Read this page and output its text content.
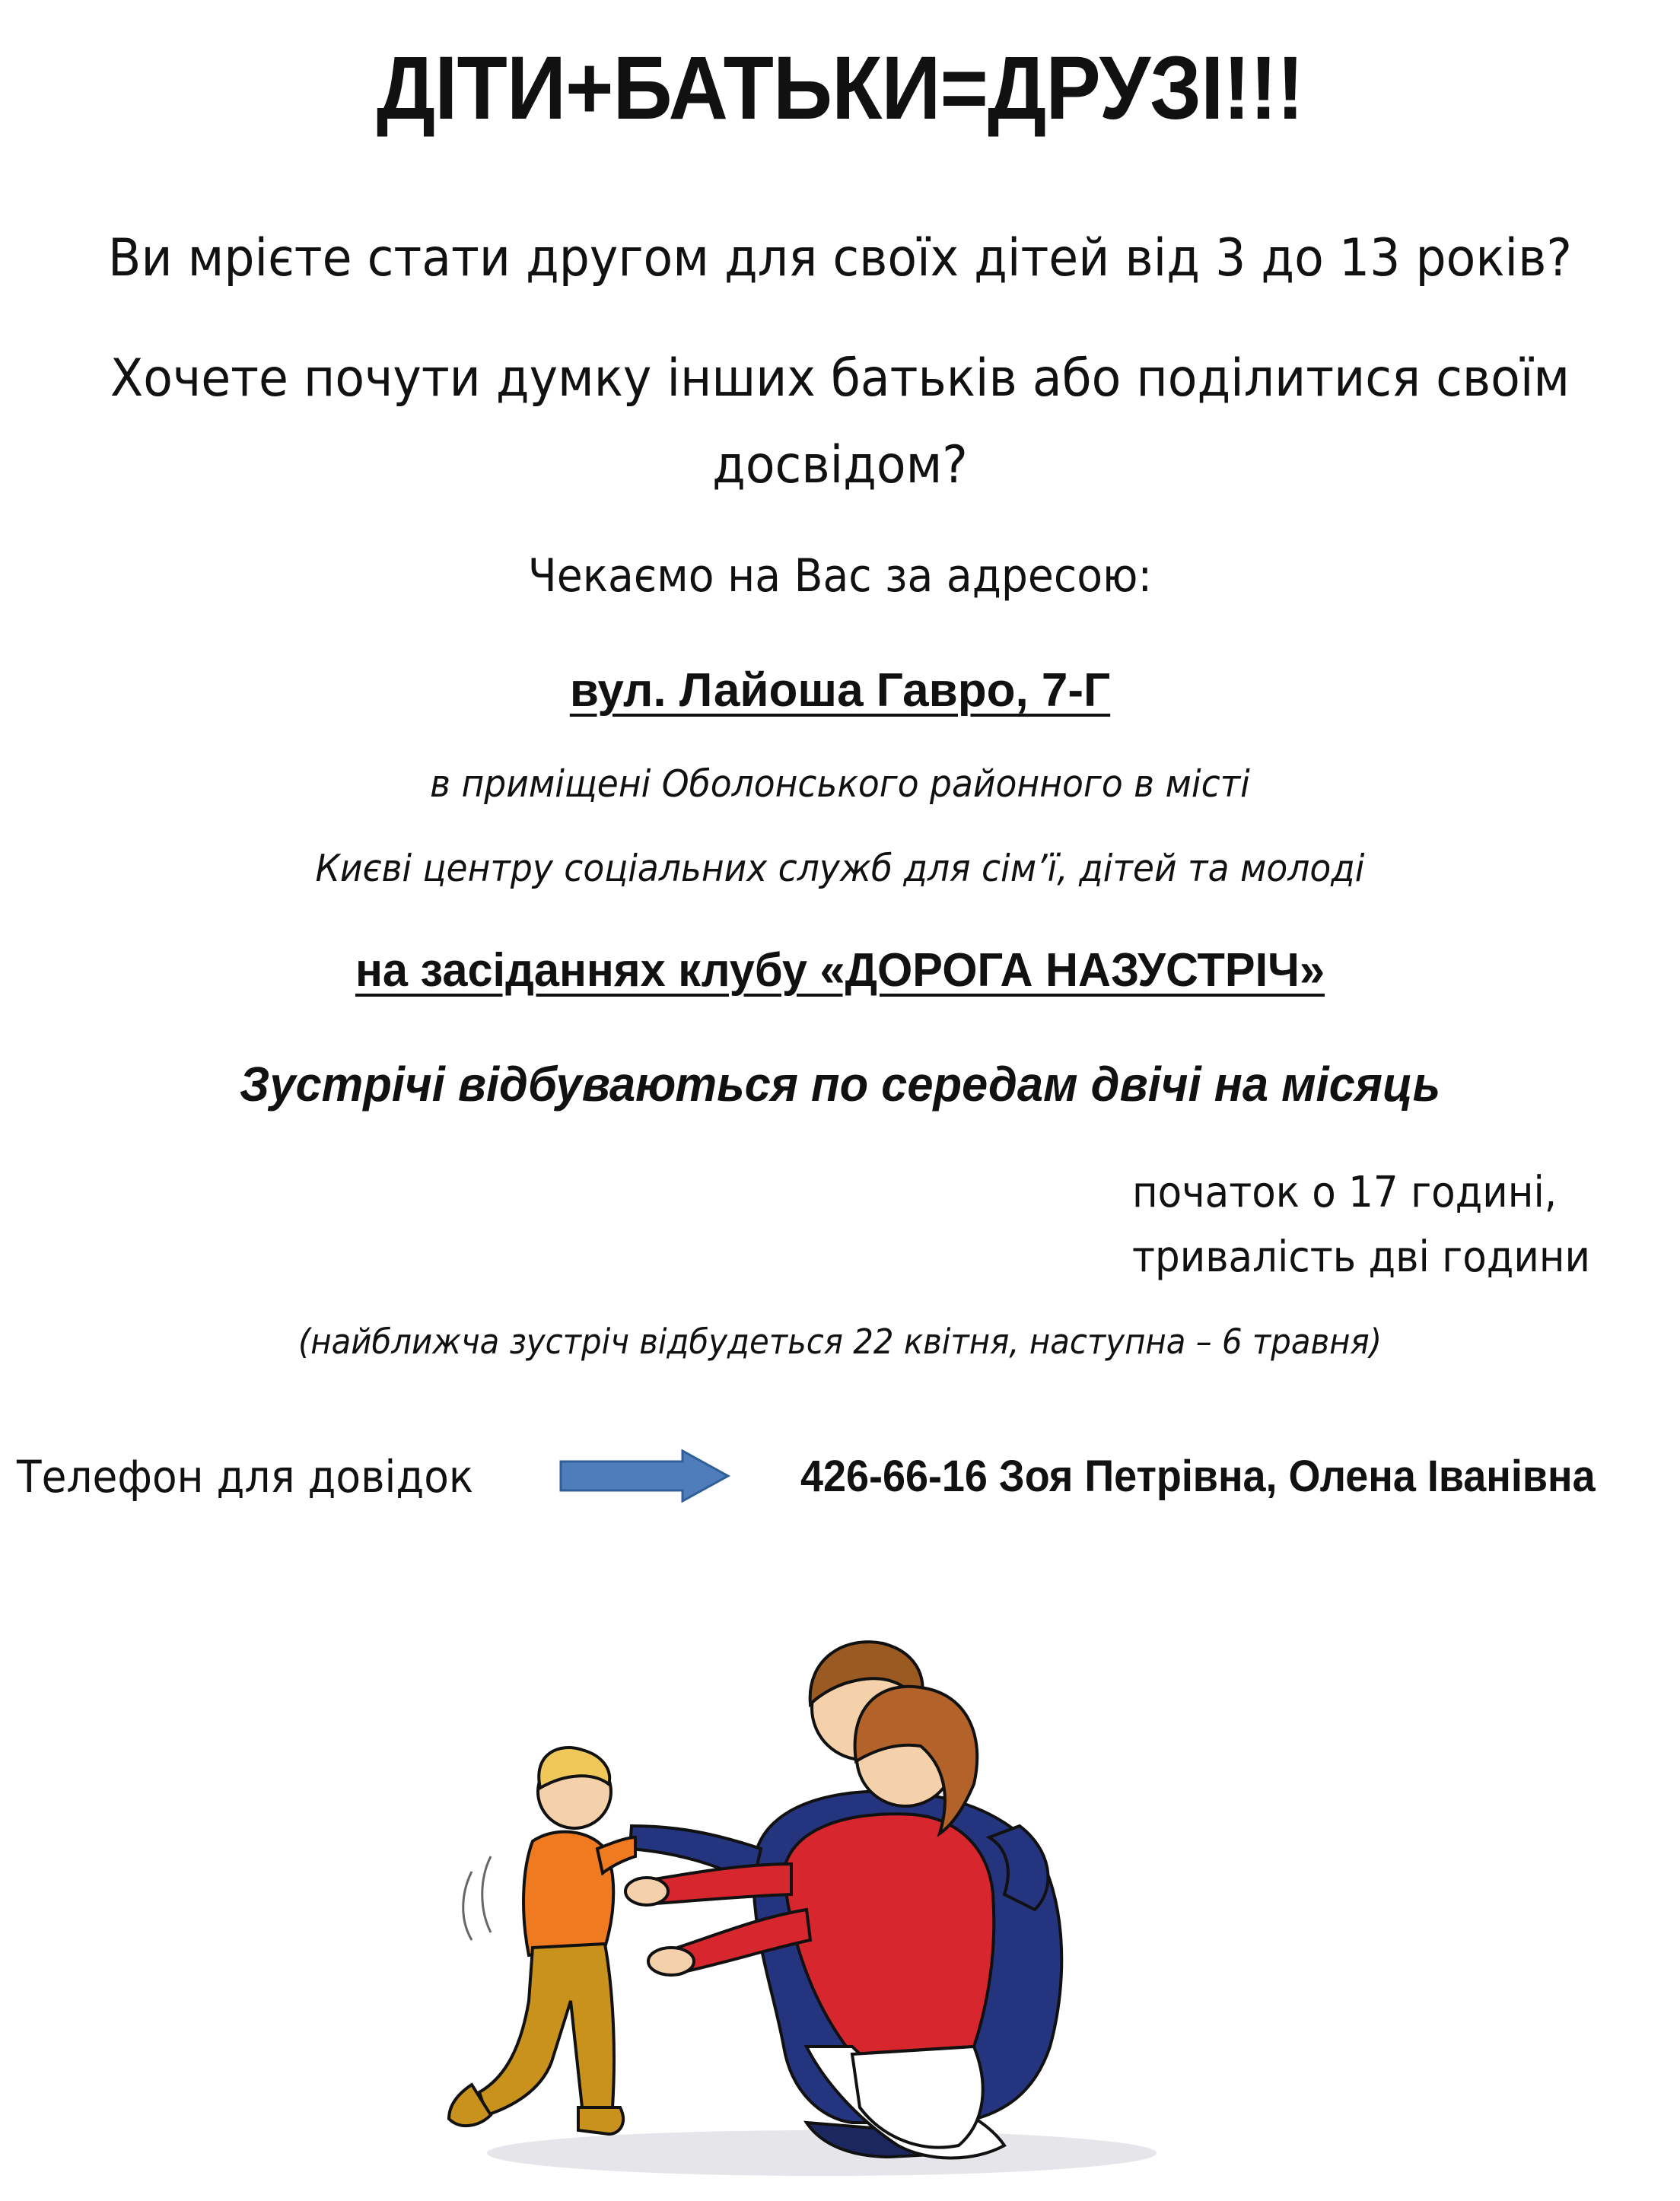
ДІТИ+БАТЬКИ=ДРУЗІ!!!
Ви мрієте стати другом для своїх дітей від 3 до 13 років?
Хочете почути думку інших батьків або поділитися своїм
досвідом?
Чекаємо на Вас за адресою:
вул. Лайоша Гавро, 7-Г
в приміщені Оболонського районного в місті
Києві центру соціальних служб для сім’ї, дітей та молоді
на засіданнях клубу «ДОРОГА НАЗУСТРІЧ»
Зустрічі відбуваються по середам двічі на місяць
початок о 17 годині,
тривалість дві години
(найближча зустріч відбудеться 22 квітня, наступна – 6 травня)
Телефон для довідок	426-66-16 Зоя Петрівна, Олена Іванівна
